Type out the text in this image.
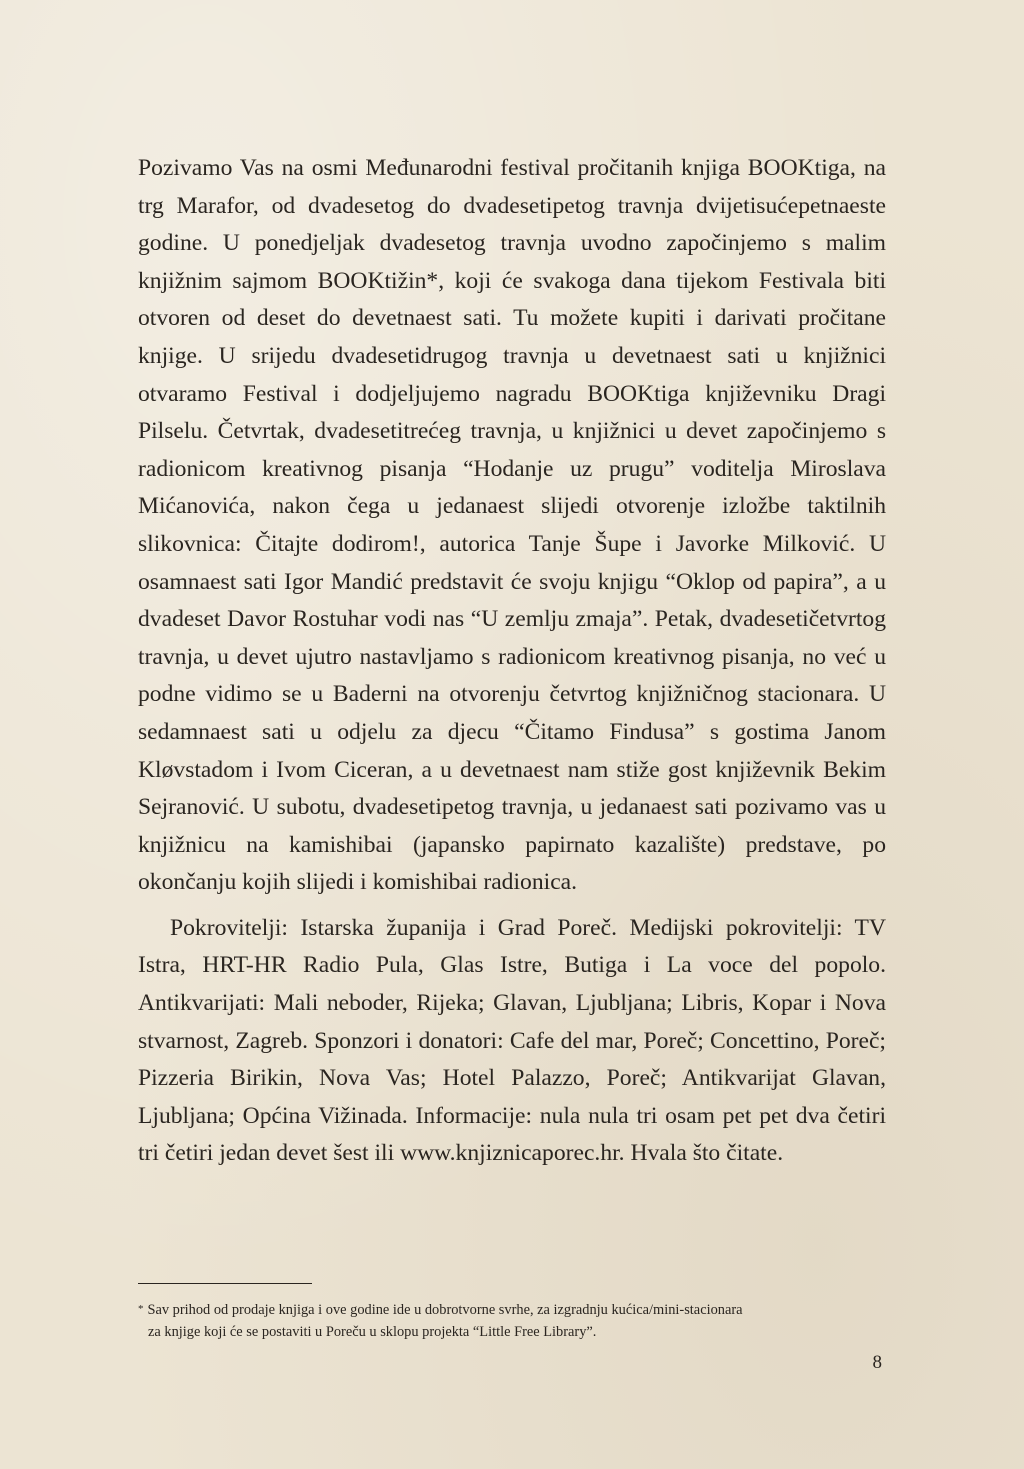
Pozivamo Vas na osmi Međunarodni festival pročitanih knjiga BOOKtiga, na trg Marafor, od dvadesetog do dvadesetipetog travnja dvijetisućepetnaeste godine. U ponedjeljak dvadesetog travnja uvodno započinjemo s malim knjižnim sajmom BOOKtižin*, koji će svakoga dana tijekom Festivala biti otvoren od deset do devetnaest sati. Tu možete kupiti i darivati pročitane knjige. U srijedu dvadesetidrugog travnja u devetnaest sati u knjižnici otvaramo Festival i dodjeljujemo nagradu BOOKtiga književniku Dragi Pilselu. Četvrtak, dvadesetitrećeg travnja, u knjižnici u devet započinjemo s radionicom kreativnog pisanja “Hodanje uz prugu” voditelja Miroslava Mićanovića, nakon čega u jedanaest slijedi otvorenje izložbe taktilnih slikovnica: Čitajte dodirom!, autorica Tanje Šupe i Javorke Milković. U osamnaest sati Igor Mandić predstavit će svoju knjigu “Oklop od papira”, a u dvadeset Davor Rostuhar vodi nas “U zemlju zmaja”. Petak, dvadesetičetvrtog travnja, u devet ujutro nastavljamo s radionicom kreativnog pisanja, no već u podne vidimo se u Baderni na otvorenju četvrtog knjižničnog stacionara. U sedamnaest sati u odjelu za djecu “Čitamo Findusa” s gostima Janom Kløvstadom i Ivom Ciceran, a u devetnaest nam stiže gost književnik Bekim Sejranović. U subotu, dvadesetipetog travnja, u jedanaest sati pozivamo vas u knjižnicu na kamishibai (japansko papirnato kazalište) predstave, po okončanju kojih slijedi i komishibai radionica.

Pokrovitelji: Istarska županija i Grad Poreč. Medijski pokrovitelji: TV Istra, HRT-HR Radio Pula, Glas Istre, Butiga i La voce del popolo. Antikvarijati: Mali neboder, Rijeka; Glavan, Ljubljana; Libris, Kopar i Nova stvarnost, Zagreb. Sponzori i donatori: Cafe del mar, Poreč; Concettino, Poreč; Pizzeria Birikin, Nova Vas; Hotel Palazzo, Poreč; Antikvarijat Glavan, Ljubljana; Općina Vižinada. Informacije: nula nula tri osam pet pet dva četiri tri četiri jedan devet šest ili www.knjiznicaporec.hr. Hvala što čitate.

* Sav prihod od prodaje knjiga i ove godine ide u dobrotvorne svrhe, za izgradnju kućica/mini-stacionara
za knjige koji će se postaviti u Poreču u sklopu projekta “Little Free Library”.
8
